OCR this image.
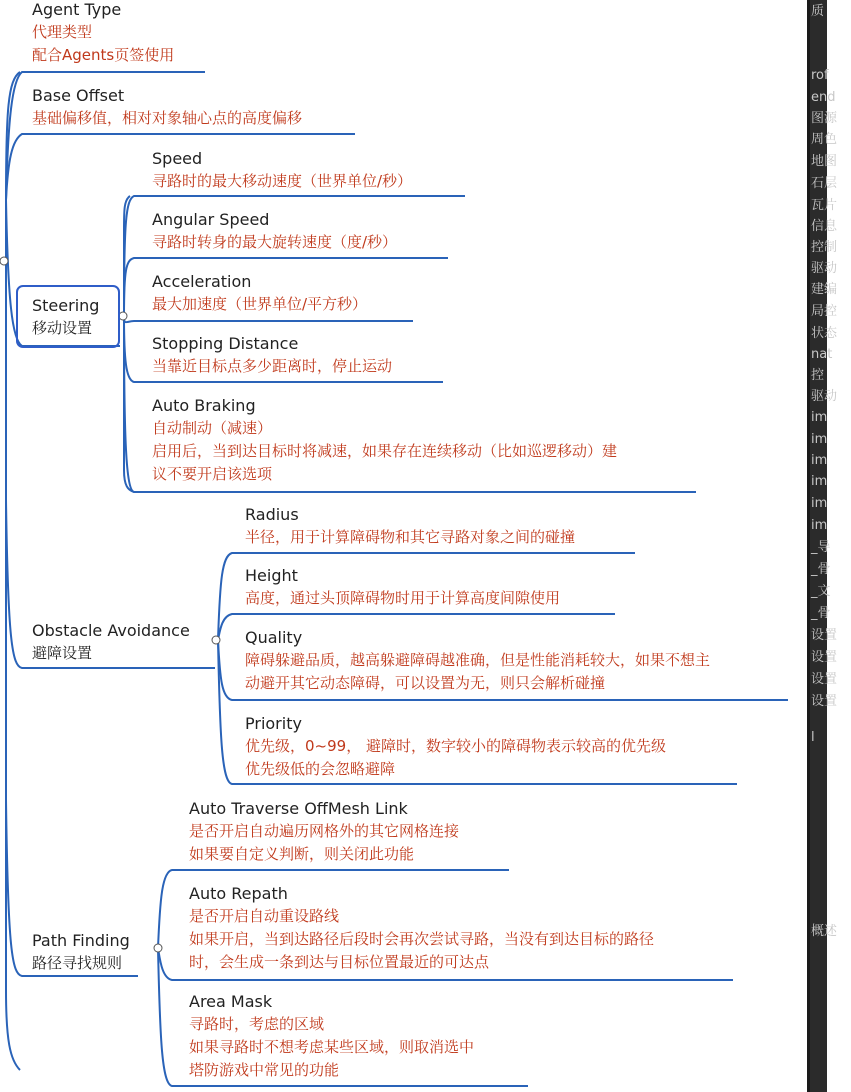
Agent Type
代理类型
配合Agents页签使用
Base Offset
基础偏移值，相对对象轴心点的高度偏移
Steering
移动设置
Obstacle Avoidance
避障设置
Path Finding
路径寻找规则
Speed
寻路时的最大移动速度（世界单位/秒）
Angular Speed
寻路时转身的最大旋转速度（度/秒）
Acceleration
最大加速度（世界单位/平方秒）
Stopping Distance
当靠近目标点多少距离时，停止运动
Auto Braking
自动制动（减速）
启用后，当到达目标时将减速，如果存在连续移动（比如巡逻移动）建
议不要开启该选项
Radius
半径，用于计算障碍物和其它寻路对象之间的碰撞
Height
高度，通过头顶障碍物时用于计算高度间隙使用
Quality
障碍躲避品质，越高躲避障碍越准确，但是性能消耗较大，如果不想主
动避开其它动态障碍，可以设置为无，则只会解析碰撞
Priority
优先级，0~99， 避障时，数字较小的障碍物表示较高的优先级
优先级低的会忽略避障
Auto Traverse OffMesh Link
是否开启自动遍历网格外的其它网格连接
如果要自定义判断，则关闭此功能
Auto Repath
是否开启自动重设路线
如果开启，当到达路径后段时会再次尝试寻路，当没有到达目标的路径
时，会生成一条到达与目标位置最近的可达点
Area Mask
寻路时，考虑的区域
如果寻路时不想考虑某些区域，则取消选中
塔防游戏中常见的功能
质
rof
end
图源
周色
地图
石层
瓦片
信息
控制
驱动
建编
局控
状态
nat
控
驱动
im
im
im
im
im
im
_导
_骨
_文
_骨
设置
设置
设置
设置
l
概述
